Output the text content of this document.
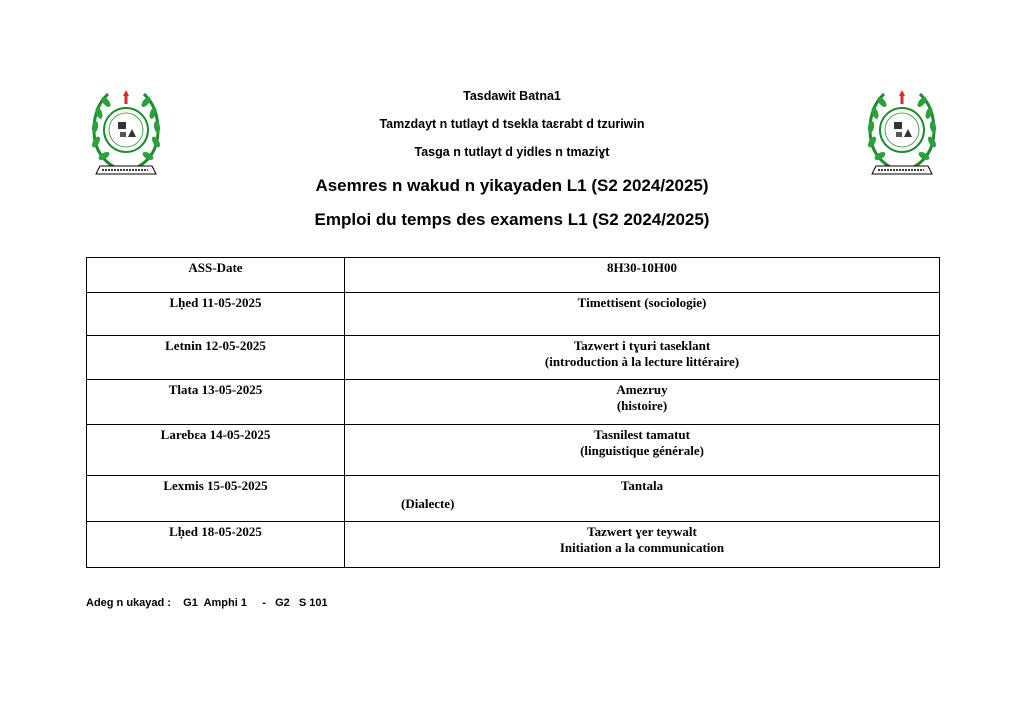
Tasdawit Batna1
Tamzdayt n tutlayt d tsekla taɛrabt d tzuriwin
Tasga n tutlayt d yidles n tmaziɣt
Asemres n wakud n yikayaden L1 (S2 2024/2025)
Emploi du temps des examens L1 (S2 2024/2025)
ASS-Date	8H30-10H00
Lḥed 11-05-2025	Timettisent (sociologie)
Letnin 12-05-2025	Tazwert i tɣuri taseklant
(introduction à la lecture littéraire)

Tlata 13-05-2025	Amezruy
(histoire)

Larebɛa 14-05-2025	Tasnilest tamatut
(linguistique générale)

Lexmis 15-05-2025	Tantala
(Dialecte)

Lḥed 18-05-2025	Tazwert ɣer teywalt
Initiation a la communication
Adeg n ukayad :    G1  Amphi 1     -   G2   S 101
